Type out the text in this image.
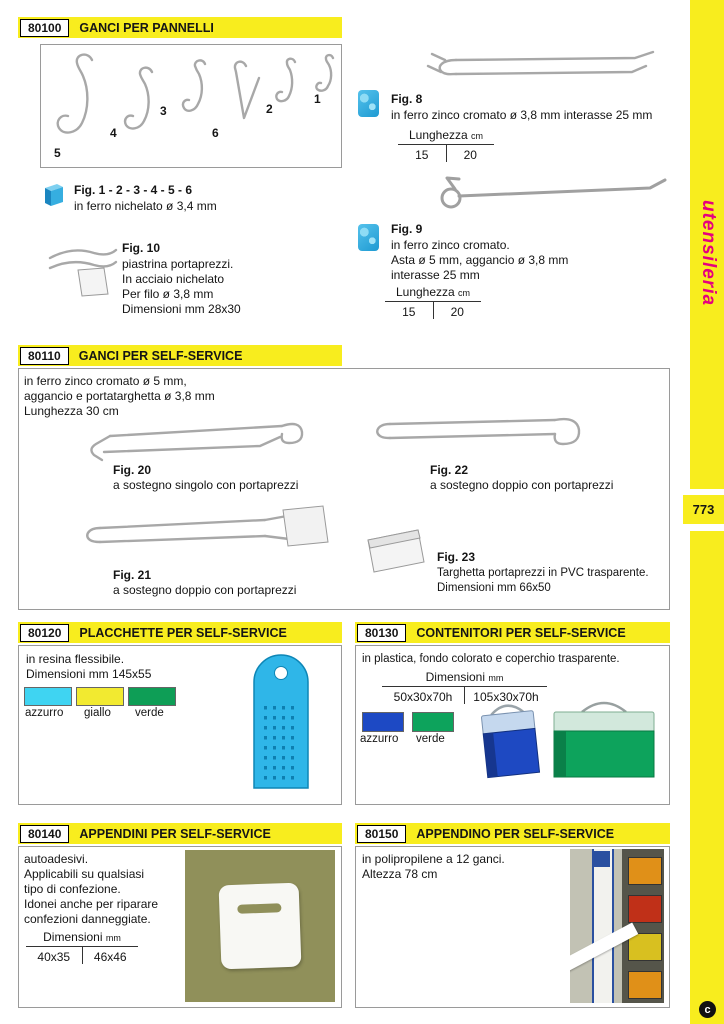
80100	GANCI PER PANNELLI
5
4
3
6
2
1
Fig. 1 - 2 - 3 - 4 - 5 - 6
in ferro nichelato ø 3,4 mm
Fig. 10
piastrina portaprezzi.
In acciaio nichelato
Per filo ø 3,8 mm
Dimensioni mm 28x30
Fig. 8
in ferro zinco cromato ø 3,8 mm interasse 25 mm
Lunghezza cm
15	20
Fig. 9
in ferro zinco cromato.
Asta ø 5 mm, aggancio ø 3,8 mm
interasse 25 mm
Lunghezza cm
15	20
80110	GANCI PER SELF-SERVICE
in ferro zinco cromato ø 5 mm,
aggancio e portatarghetta ø 3,8 mm
Lunghezza 30 cm
Fig. 20
a sostegno singolo con portaprezzi
Fig. 22
a sostegno doppio con portaprezzi
Fig. 21
a sostegno doppio con portaprezzi
Fig. 23
Targhetta portaprezzi in PVC trasparente.
Dimensioni mm 66x50
80120	PLACCHETTE PER SELF-SERVICE
in resina flessibile.
Dimensioni mm 145x55
azzurro giallo verde
80130	CONTENITORI PER SELF-SERVICE
in plastica, fondo colorato e coperchio trasparente.
Dimensioni mm
50x30x70h	105x30x70h
azzurro verde
80140	APPENDINI PER SELF-SERVICE
autoadesivi.
Applicabili su qualsiasi
tipo di confezione.
Idonei anche per riparare
confezioni danneggiate.
Dimensioni mm
40x35	46x46
80150	APPENDINO PER SELF-SERVICE
in polipropilene a 12 ganci.
Altezza 78 cm
utensileria
773
c
